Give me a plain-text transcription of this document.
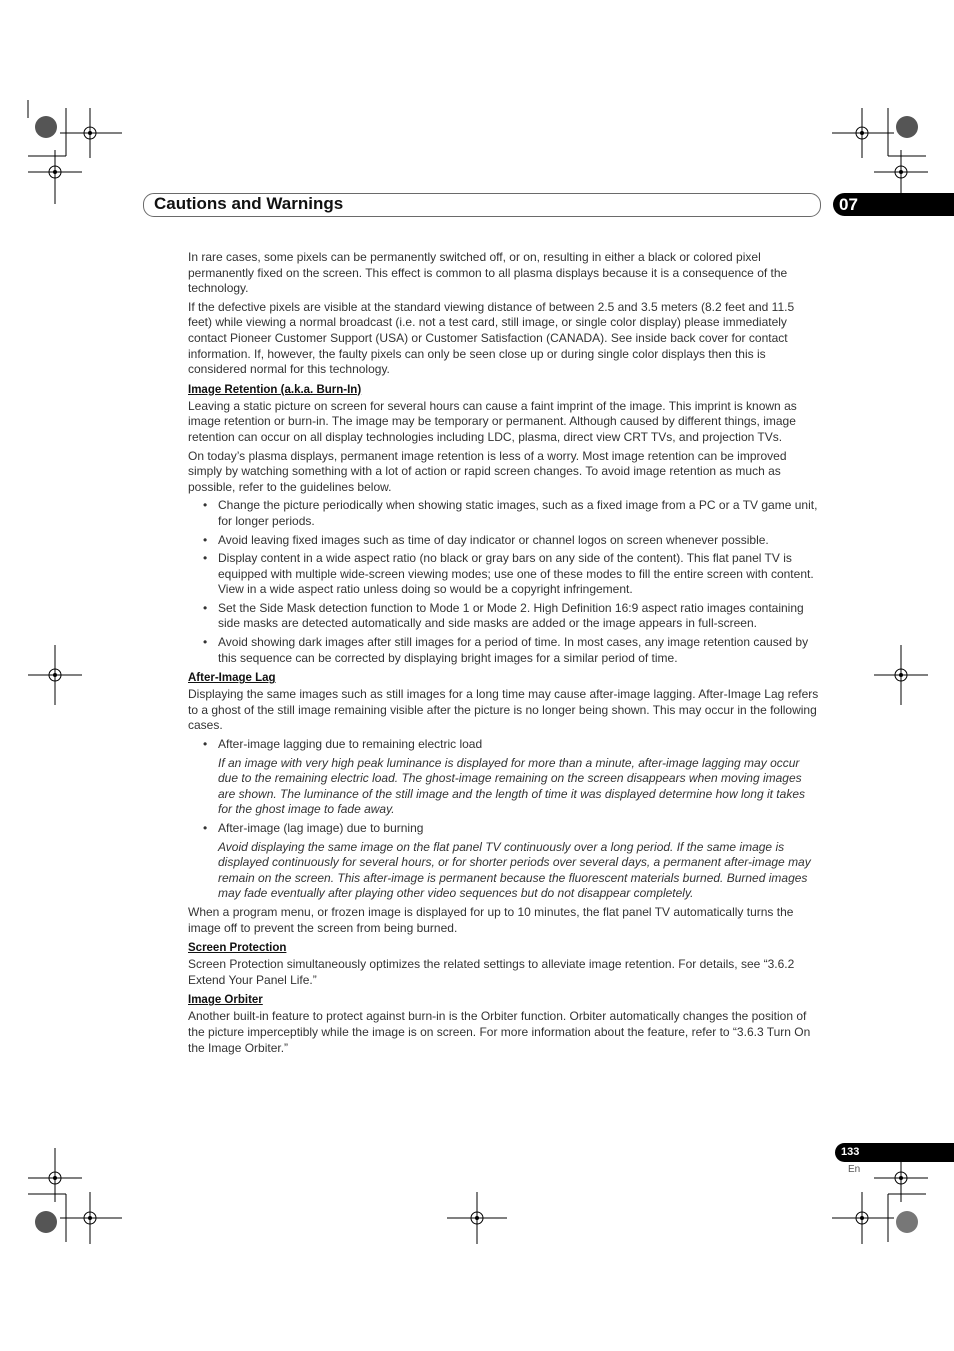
Cautions and Warnings	07

In rare cases, some pixels can be permanently switched off, or on, resulting in either a black or colored pixel permanently fixed on the screen. This effect is common to all plasma displays because it is a consequence of the technology.

If the defective pixels are visible at the standard viewing distance of between 2.5 and 3.5 meters (8.2 feet and 11.5 feet) while viewing a normal broadcast (i.e. not a test card, still image, or single color display) please immediately contact Pioneer Customer Support (USA) or Customer Satisfaction (CANADA). See inside back cover for contact information. If, however, the faulty pixels can only be seen close up or during single color displays then this is considered normal for this technology.

Image Retention (a.k.a. Burn-In)

Leaving a static picture on screen for several hours can cause a faint imprint of the image. This imprint is known as image retention or burn-in. The image may be temporary or permanent. Although caused by different things, image retention can occur on all display technologies including LDC, plasma, direct view CRT TVs, and projection TVs.

On today’s plasma displays, permanent image retention is less of a worry. Most image retention can be improved simply by watching something with a lot of action or rapid screen changes. To avoid image retention as much as possible, refer to the guidelines below.

• Change the picture periodically when showing static images, such as a fixed image from a PC or a TV game unit, for longer periods.
• Avoid leaving fixed images such as time of day indicator or channel logos on screen whenever possible.
• Display content in a wide aspect ratio (no black or gray bars on any side of the content). This flat panel TV is equipped with multiple wide-screen viewing modes; use one of these modes to fill the entire screen with content. View in a wide aspect ratio unless doing so would be a copyright infringement.
• Set the Side Mask detection function to Mode 1 or Mode 2. High Definition 16:9 aspect ratio images containing side masks are detected automatically and side masks are added or the image appears in full-screen.
• Avoid showing dark images after still images for a period of time. In most cases, any image retention caused by this sequence can be corrected by displaying bright images for a similar period of time.
After-Image Lag

Displaying the same images such as still images for a long time may cause after-image lagging. After-Image Lag refers to a ghost of the still image remaining visible after the picture is no longer being shown. This may occur in the following cases.

• After-image lagging due to remaining electric load
If an image with very high peak luminance is displayed for more than a minute, after-image lagging may occur due to the remaining electric load. The ghost-image remaining on the screen disappears when moving images are shown. The luminance of the still image and the length of time it was displayed determine how long it takes for the ghost image to fade away.
• After-image (lag image) due to burning
Avoid displaying the same image on the flat panel TV continuously over a long period. If the same image is displayed continuously for several hours, or for shorter periods over several days, a permanent after-image may remain on the screen. This after-image is permanent because the fluorescent materials burned. Burned images may fade eventually after playing other video sequences but do not disappear completely.

When a program menu, or frozen image is displayed for up to 10 minutes, the flat panel TV automatically turns the image off to prevent the screen from being burned.

Screen Protection

Screen Protection simultaneously optimizes the related settings to alleviate image retention. For details, see “3.6.2 Extend Your Panel Life.”

Image Orbiter

Another built-in feature to protect against burn-in is the Orbiter function. Orbiter automatically changes the position of the picture imperceptibly while the image is on screen. For more information about the feature, refer to “3.6.3 Turn On the Image Orbiter.”

133
En
